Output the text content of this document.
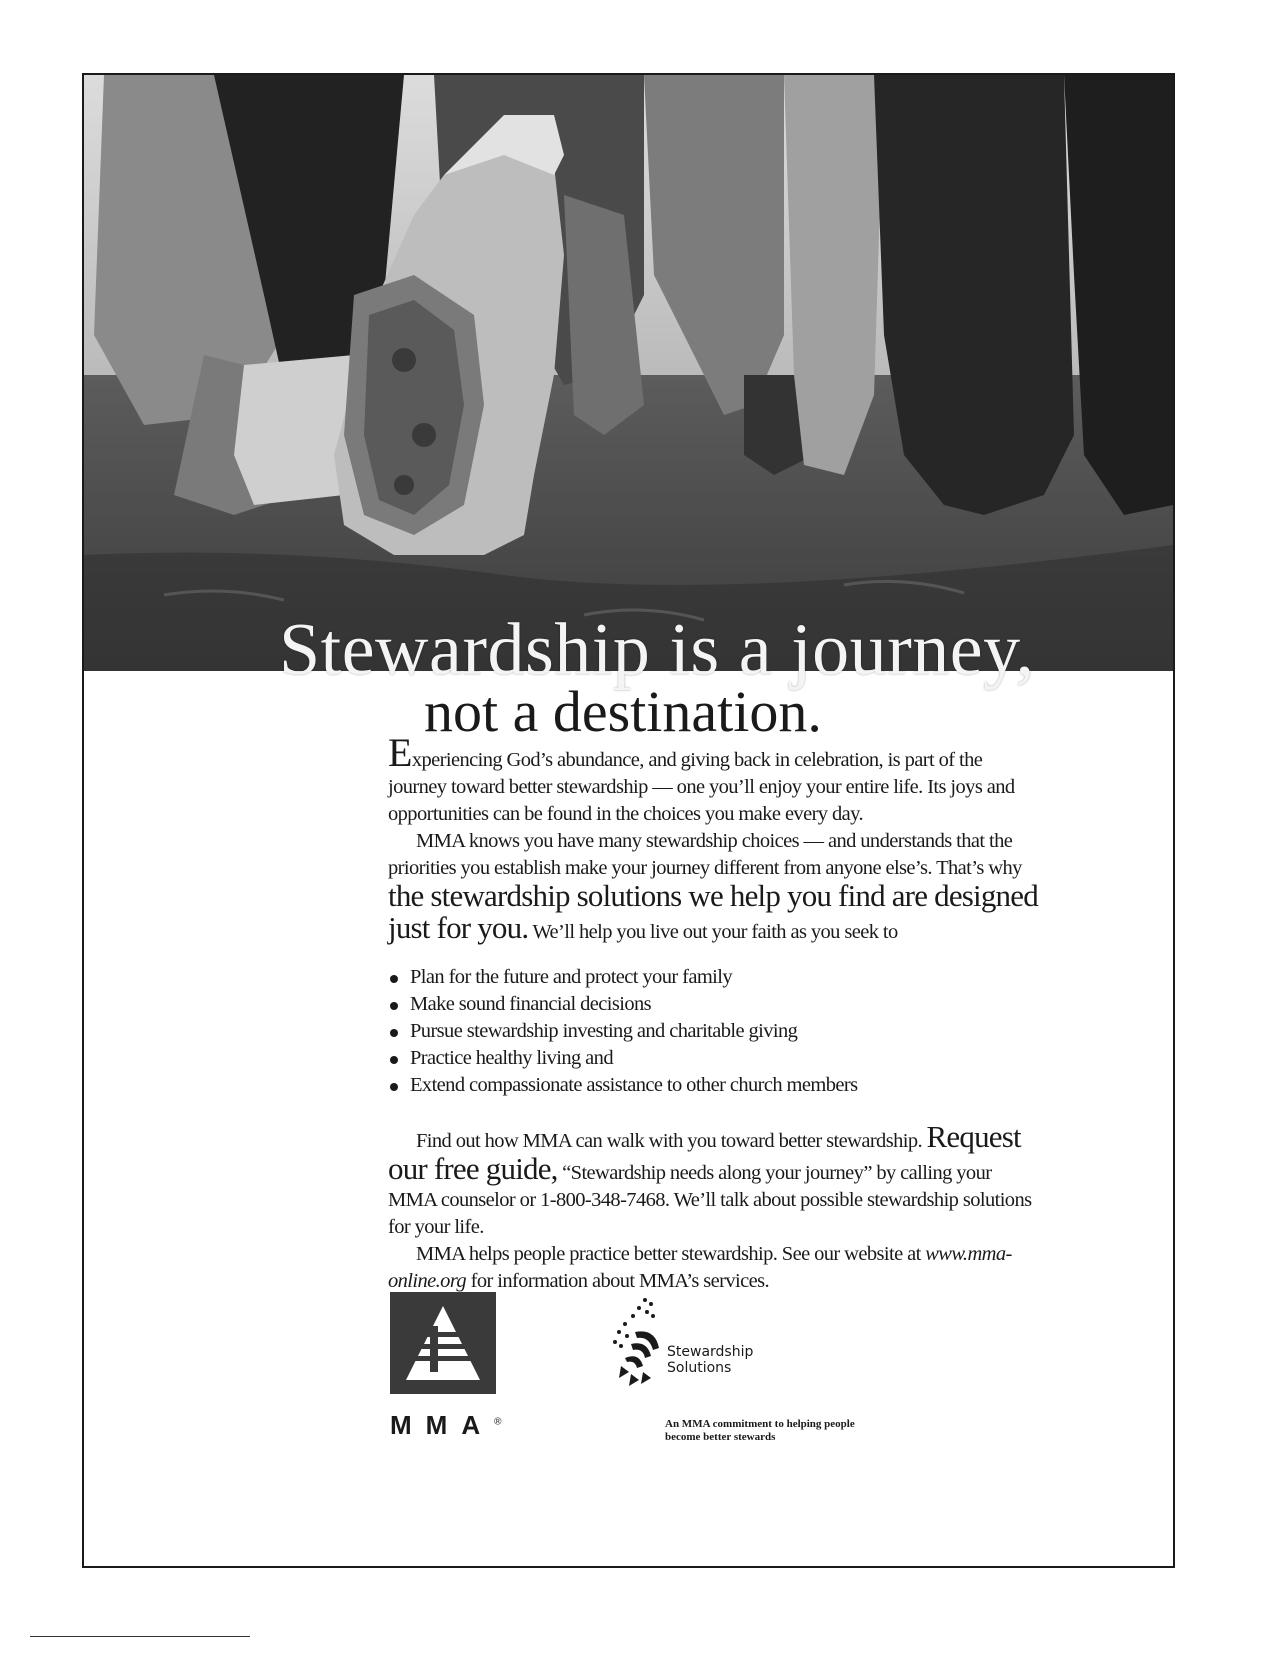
Stewardship is a journey,
not a destination.

Experiencing God’s abundance, and giving back in celebration, is part of the journey toward better stewardship — one you’ll enjoy your entire life. Its joys and opportunities can be found in the choices you make every day.

MMA knows you have many stewardship choices — and understands that the priorities you establish make your journey different from anyone else’s. That’s why the stewardship solutions we help you find are designed just for you. We’ll help you live out your faith as you seek to

Plan for the future and protect your family
Make sound financial decisions
Pursue stewardship investing and charitable giving
Practice healthy living and
Extend compassionate assistance to other church members

Find out how MMA can walk with you toward better stewardship. Request our free guide, “Stewardship needs along your journey” by calling your MMA counselor or 1-800-348-7468. We’ll talk about possible stewardship solutions for your life.

MMA helps people practice better stewardship. See our website at www.mma-online.org for information about MMA’s services.

MMA®
Stewardship
Solutions
An MMA commitment to helping people become better stewards
